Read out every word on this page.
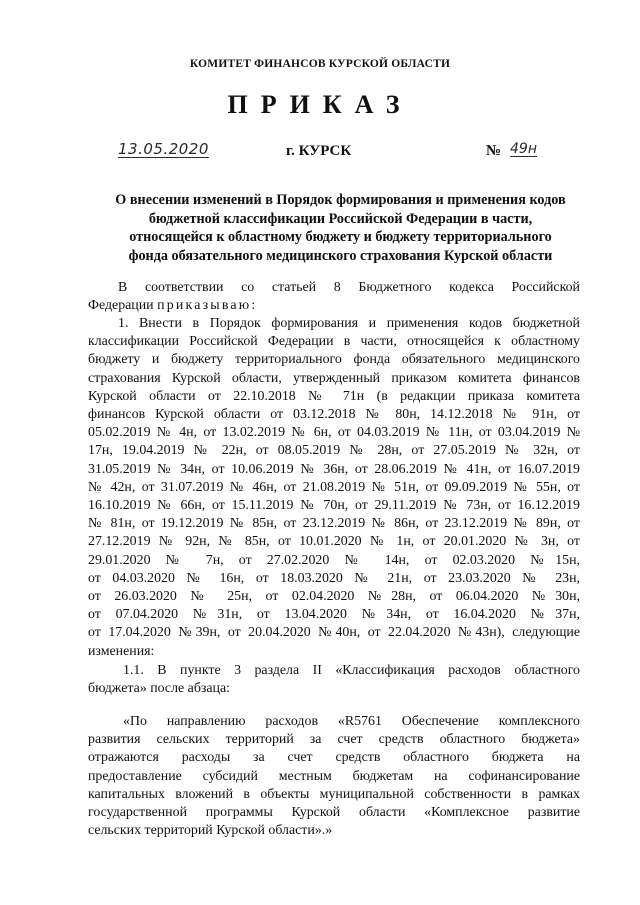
КОМИТЕТ ФИНАНСОВ КУРСКОЙ ОБЛАСТИ
ПРИКАЗ
13.05.2020	г. КУРСК	№ 49н
О внесении изменений в Порядок формирования и применения кодов
бюджетной классификации Российской Федерации в части,
относящейся к областному бюджету и бюджету территориального
фонда обязательного медицинского страхования Курской области
В соответствии со статьей 8 Бюджетного кодекса Российской
Федерации приказываю:
1. Внести в Порядок формирования и применения кодов бюджетной
классификации Российской Федерации в части, относящейся к областному
бюджету и бюджету территориального фонда обязательного медицинского
страхования Курской области, утвержденный приказом комитета финансов
Курской области от 22.10.2018 № 71н (в редакции приказа комитета
финансов Курской области от 03.12.2018 № 80н, 14.12.2018 № 91н, от
05.02.2019 № 4н, от 13.02.2019 № 6н, от 04.03.2019 № 11н, от 03.04.2019 №
17н, 19.04.2019 № 22н, от 08.05.2019 № 28н, от 27.05.2019 № 32н, от
31.05.2019 № 34н, от 10.06.2019 № 36н, от 28.06.2019 № 41н, от 16.07.2019
№ 42н, от 31.07.2019 № 46н, от 21.08.2019 № 51н, от 09.09.2019 № 55н, от
16.10.2019 № 66н, от 15.11.2019 № 70н, от 29.11.2019 № 73н, от 16.12.2019
№ 81н, от 19.12.2019 № 85н, от 23.12.2019 № 86н, от 23.12.2019 № 89н, от
27.12.2019 № 92н, № 85н, от 10.01.2020 № 1н, от 20.01.2020 № 3н, от
29.01.2020 № 7н, от 27.02.2020 № 14н, от 02.03.2020 №15н,
от 04.03.2020 № 16н, от 18.03.2020 № 21н, от 23.03.2020 № 23н,
от 26.03.2020 № 25н, от 02.04.2020 №28н, от 06.04.2020 №30н,
от 07.04.2020 №31н, от 13.04.2020 №34н, от 16.04.2020 №37н,
от 17.04.2020 №39н, от 20.04.2020 №40н, от 22.04.2020 №43н), следующие
изменения:
1.1. В пункте 3 раздела II «Классификация расходов областного
бюджета» после абзаца:
«По направлению расходов «R5761 Обеспечение комплексного
развития сельских территорий за счет средств областного бюджета»
отражаются расходы за счет средств областного бюджета на
предоставление субсидий местным бюджетам на софинансирование
капитальных вложений в объекты муниципальной собственности в рамках
государственной программы Курской области «Комплексное развитие
сельских территорий Курской области».»
